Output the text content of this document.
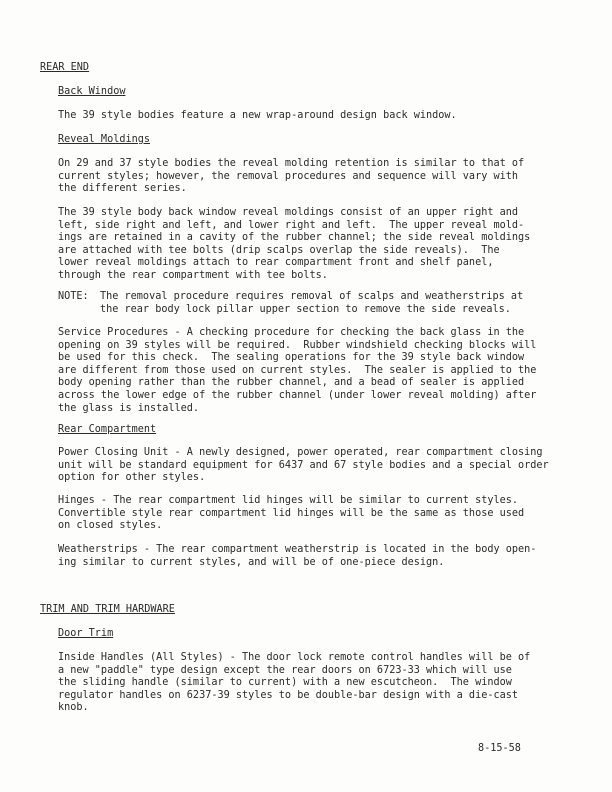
REAR END
Back Window
The 39 style bodies feature a new wrap-around design back window.
Reveal Moldings
On 29 and 37 style bodies the reveal molding retention is similar to that of
current styles; however, the removal procedures and sequence will vary with
the different series.
The 39 style body back window reveal moldings consist of an upper right and
left, side right and left, and lower right and left.  The upper reveal mold-
ings are retained in a cavity of the rubber channel; the side reveal moldings
are attached with tee bolts (drip scalps overlap the side reveals).  The
lower reveal moldings attach to rear compartment front and shelf panel,
through the rear compartment with tee bolts.
NOTE: The removal procedure requires removal of scalps and weatherstrips at
the rear body lock pillar upper section to remove the side reveals.
Service Procedures - A checking procedure for checking the back glass in the
opening on 39 styles will be required.  Rubber windshield checking blocks will
be used for this check.  The sealing operations for the 39 style back window
are different from those used on current styles.  The sealer is applied to the
body opening rather than the rubber channel, and a bead of sealer is applied
across the lower edge of the rubber channel (under lower reveal molding) after
the glass is installed.
Rear Compartment
Power Closing Unit - A newly designed, power operated, rear compartment closing
unit will be standard equipment for 6437 and 67 style bodies and a special order
option for other styles.
Hinges - The rear compartment lid hinges will be similar to current styles.
Convertible style rear compartment lid hinges will be the same as those used
on closed styles.
Weatherstrips - The rear compartment weatherstrip is located in the body open-
ing similar to current styles, and will be of one-piece design.
TRIM AND TRIM HARDWARE
Door Trim
Inside Handles (All Styles) - The door lock remote control handles will be of
a new "paddle" type design except the rear doors on 6723-33 which will use
the sliding handle (similar to current) with a new escutcheon.  The window
regulator handles on 6237-39 styles to be double-bar design with a die-cast
knob.
8-15-58
